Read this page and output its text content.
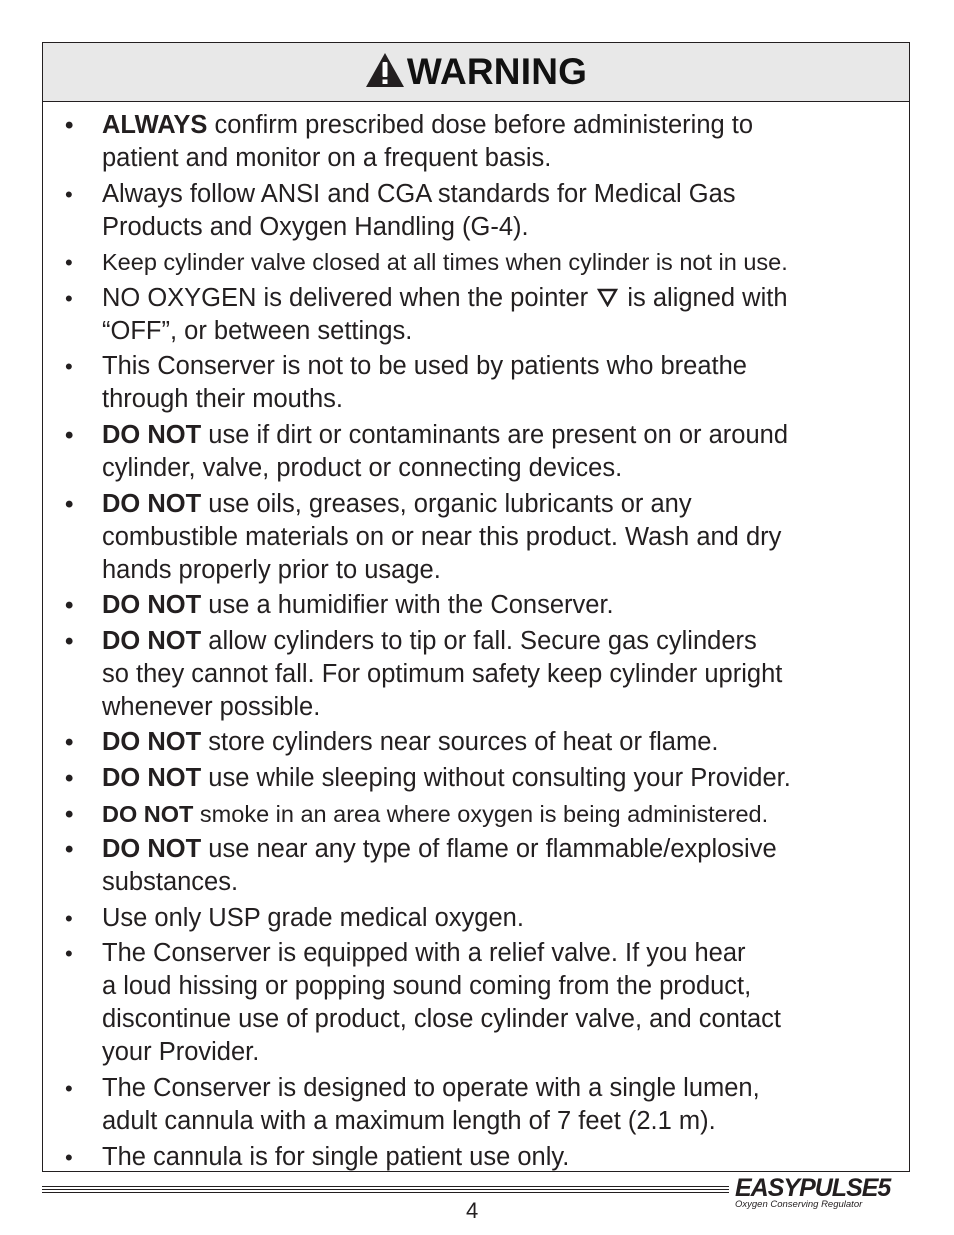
WARNING
• ALWAYS confirm prescribed dose before administering to
patient and monitor on a frequent basis.
• Always follow ANSI and CGA standards for Medical Gas
Products and Oxygen Handling (G-4).
• Keep cylinder valve closed at all times when cylinder is not in use.
• NO OXYGEN is delivered when the pointer is aligned with
“OFF”, or between settings.
• This Conserver is not to be used by patients who breathe
through their mouths.
• DO NOT use if dirt or contaminants are present on or around
cylinder, valve, product or connecting devices.
• DO NOT use oils, greases, organic lubricants or any
combustible materials on or near this product. Wash and dry
hands properly prior to usage.
• DO NOT use a humidifier with the Conserver.
• DO NOT allow cylinders to tip or fall. Secure gas cylinders
so they cannot fall. For optimum safety keep cylinder upright
whenever possible.
• DO NOT store cylinders near sources of heat or flame.
• DO NOT use while sleeping without consulting your Provider.
• DO NOT smoke in an area where oxygen is being administered.
• DO NOT use near any type of flame or flammable/explosive
substances.
• Use only USP grade medical oxygen.
• The Conserver is equipped with a relief valve. If you hear
a loud hissing or popping sound coming from the product,
discontinue use of product, close cylinder valve, and contact
your Provider.
• The Conserver is designed to operate with a single lumen,
adult cannula with a maximum length of 7 feet (2.1 m).
• The cannula is for single patient use only.
4
EASYPULSE5
Oxygen Conserving Regulator
